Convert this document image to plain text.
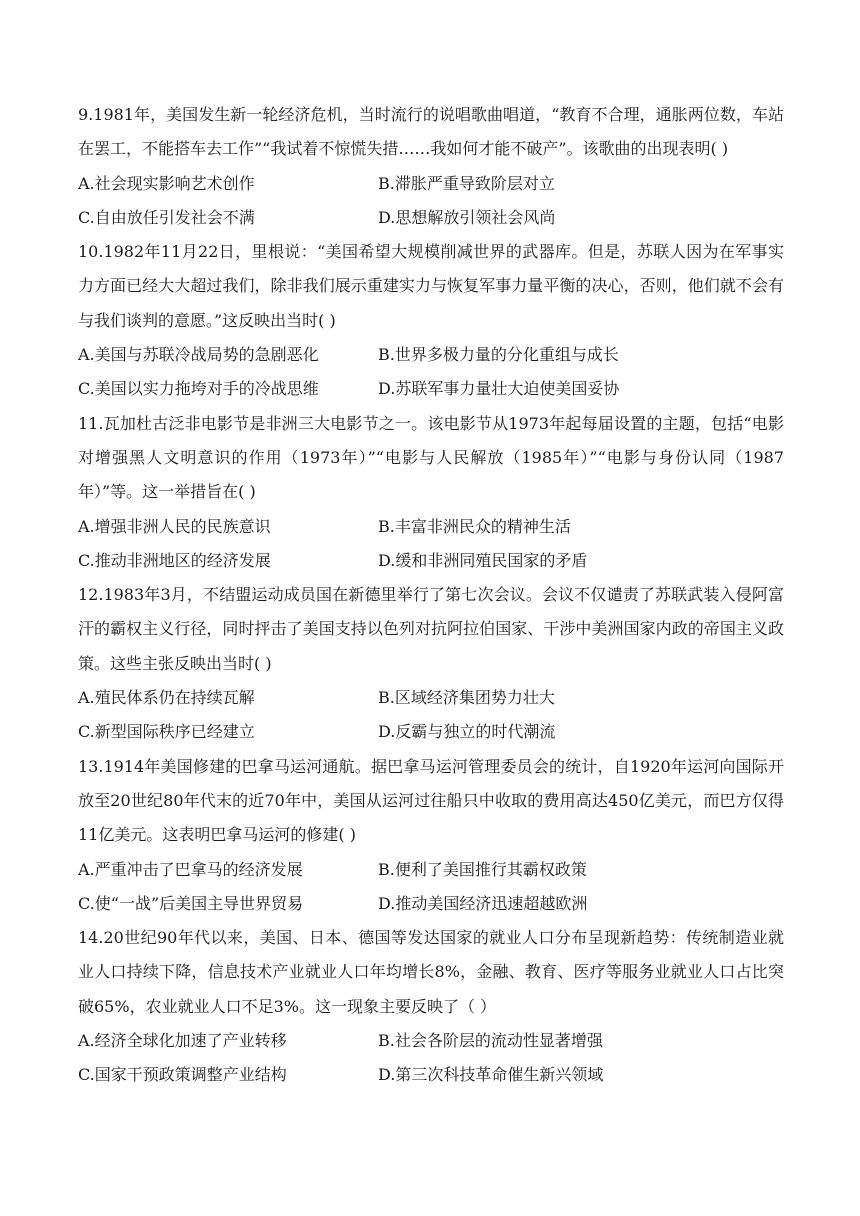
9.1981年，美国发生新一轮经济危机，当时流行的说唱歌曲唱道，“教育不合理，通胀两位数，车站在罢工，不能搭车去工作”“我试着不惊慌失措……我如何才能不破产”。该歌曲的出现表明( )

A.社会现实影响艺术创作	B.滞胀严重导致阶层对立
C.自由放任引发社会不满	D.思想解放引领社会风尚

10.1982年11月22日，里根说：“美国希望大规模削减世界的武器库。但是，苏联人因为在军事实力方面已经大大超过我们，除非我们展示重建实力与恢复军事力量平衡的决心，否则，他们就不会有与我们谈判的意愿。”这反映出当时( )

A.美国与苏联冷战局势的急剧恶化	B.世界多极力量的分化重组与成长
C.美国以实力拖垮对手的冷战思维	D.苏联军事力量壮大迫使美国妥协

11.瓦加杜古泛非电影节是非洲三大电影节之一。该电影节从1973年起每届设置的主题，包括“电影对增强黑人文明意识的作用（1973年）”“电影与人民解放（1985年）”“电影与身份认同（1987年）”等。这一举措旨在( )

A.增强非洲人民的民族意识	B.丰富非洲民众的精神生活
C.推动非洲地区的经济发展	D.缓和非洲同殖民国家的矛盾

12.1983年3月，不结盟运动成员国在新德里举行了第七次会议。会议不仅谴责了苏联武装入侵阿富汗的霸权主义行径，同时抨击了美国支持以色列对抗阿拉伯国家、干涉中美洲国家内政的帝国主义政策。这些主张反映出当时( )

A.殖民体系仍在持续瓦解	B.区域经济集团势力壮大
C.新型国际秩序已经建立	D.反霸与独立的时代潮流

13.1914年美国修建的巴拿马运河通航。据巴拿马运河管理委员会的统计，自1920年运河向国际开放至20世纪80年代末的近70年中，美国从运河过往船只中收取的费用高达450亿美元，而巴方仅得11亿美元。这表明巴拿马运河的修建( )

A.严重冲击了巴拿马的经济发展	B.便利了美国推行其霸权政策
C.使“一战”后美国主导世界贸易	D.推动美国经济迅速超越欧洲

14.20世纪90年代以来，美国、日本、德国等发达国家的就业人口分布呈现新趋势：传统制造业就业人口持续下降，信息技术产业就业人口年均增长8%，金融、教育、医疗等服务业就业人口占比突破65%，农业就业人口不足3%。这一现象主要反映了（ ）

A.经济全球化加速了产业转移	B.社会各阶层的流动性显著增强
C.国家干预政策调整产业结构	D.第三次科技革命催生新兴领域
